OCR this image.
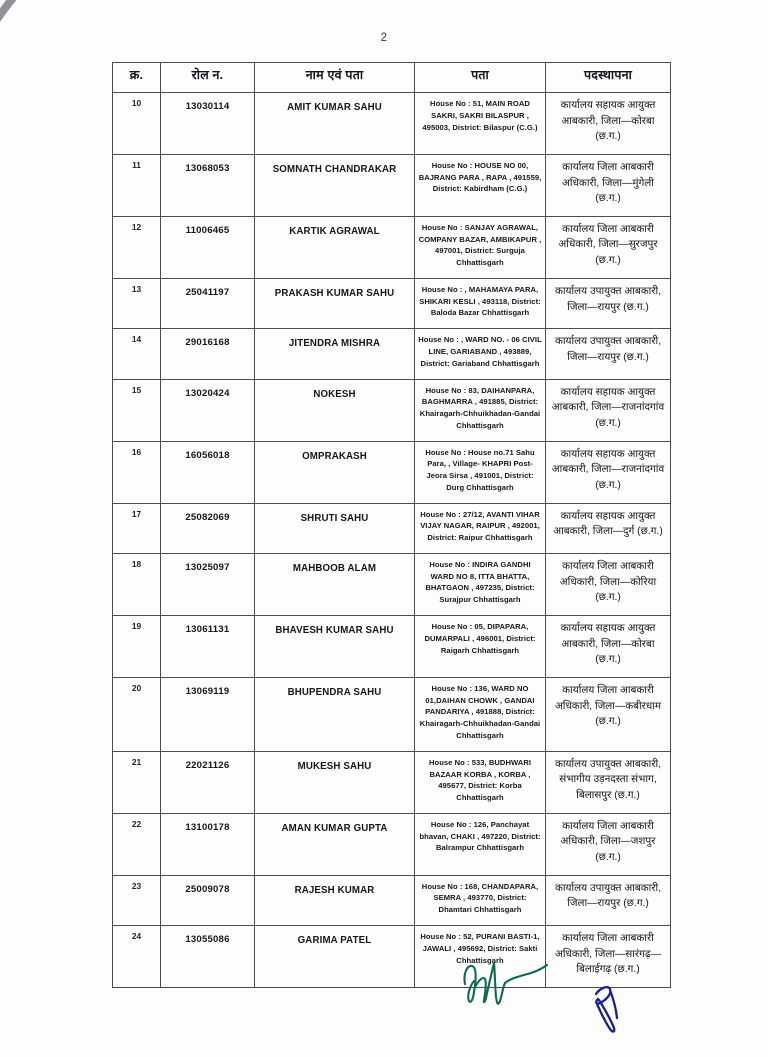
2
क्र.	रोल न.	नाम एवं पता	पता	पदस्थापना
10	13030114	AMIT KUMAR SAHU	House No : 51, MAIN ROAD SAKRI, SAKRI BILASPUR , 495003, District: Bilaspur (C.G.)	कार्यालय सहायक आयुक्त आबकारी, जिला—कोरबा (छ.ग.)
11	13068053	SOMNATH CHANDRAKAR	House No : HOUSE NO 00, BAJRANG PARA , RAPA , 491559, District: Kabirdham (C.G.)	कार्यालय जिला आबकारी अधिकारी, जिला—मुंगेली (छ.ग.)
12	11006465	KARTIK AGRAWAL	House No : SANJAY AGRAWAL, COMPANY BAZAR, AMBIKAPUR , 497001, District: Surguja Chhattisgarh	कार्यालय जिला आबकारी अधिकारी, जिला—सुरजपुर (छ.ग.)
13	25041197	PRAKASH KUMAR SAHU	House No : , MAHAMAYA PARA, SHIKARI KESLI , 493118, District: Baloda Bazar Chhattisgarh	कार्यालय उपायुक्त आबकारी, जिला—रायपुर (छ.ग.)
14	29016168	JITENDRA MISHRA	House No : , WARD NO. - 06 CIVIL LINE, GARIABAND , 493889, District: Gariaband Chhattisgarh	कार्यालय उपायुक्त आबकारी, जिला—रायपुर (छ.ग.)
15	13020424	NOKESH	House No : 83, DAIHANPARA, BAGHMARRA , 491885, District: Khairagarh-Chhuikhadan-Gandai Chhattisgarh	कार्यालय सहायक आयुक्त आबकारी, जिला—राजनांदगांव (छ.ग.)
16	16056018	OMPRAKASH	House No : House no.71 Sahu Para, , Village- KHAPRI Post- Jeora Sirsa , 491001, District: Durg Chhattisgarh	कार्यालय सहायक आयुक्त आबकारी, जिला—राजनांदगांव (छ.ग.)
17	25082069	SHRUTI SAHU	House No : 27/12, AVANTI VIHAR VIJAY NAGAR, RAIPUR , 492001, District: Raipur Chhattisgarh	कार्यालय सहायक आयुक्त आबकारी, जिला—दुर्ग (छ.ग.)
18	13025097	MAHBOOB ALAM	House No : INDIRA GANDHI WARD NO 8, ITTA BHATTA, BHATGAON , 497235, District: Surajpur Chhattisgarh	कार्यालय जिला आबकारी अधिकारी, जिला—कोरिया (छ.ग.)
19	13061131	BHAVESH KUMAR SAHU	House No : 05, DIPAPARA, DUMARPALI , 496001, District: Raigarh Chhattisgarh	कार्यालय सहायक आयुक्त आबकारी, जिला—कोरबा (छ.ग.)
20	13069119	BHUPENDRA SAHU	House No : 136, WARD NO 01,DAIHAN CHOWK , GANDAI PANDARIYA , 491888, District: Khairagarh-Chhuikhadan-Gandai Chhattisgarh	कार्यालय जिला आबकारी अधिकारी, जिला—कबीरधाम (छ.ग.)
21	22021126	MUKESH SAHU	House No : 533, BUDHWARI BAZAAR KORBA , KORBA , 495677, District: Korba Chhattisgarh	कार्यालय उपायुक्त आबकारी, संभागीय उड़नदस्ता संभाग, बिलासपुर (छ.ग.)
22	13100178	AMAN KUMAR GUPTA	House No : 126, Panchayat bhavan, CHAKI , 497220, District: Balrampur Chhattisgarh	कार्यालय जिला आबकारी अधिकारी, जिला—जशपुर (छ.ग.)
23	25009078	RAJESH KUMAR	House No : 168, CHANDAPARA, SEMRA , 493770, District: Dhamtari Chhattisgarh	कार्यालय उपायुक्त आबकारी, जिला—रायपुर (छ.ग.)
24	13055086	GARIMA PATEL	House No : 52, PURANI BASTI-1, JAWALI , 495692, District: Sakti Chhattisgarh	कार्यालय जिला आबकारी अधिकारी, जिला—सारंगढ़—बिलाईगढ़ (छ.ग.)
